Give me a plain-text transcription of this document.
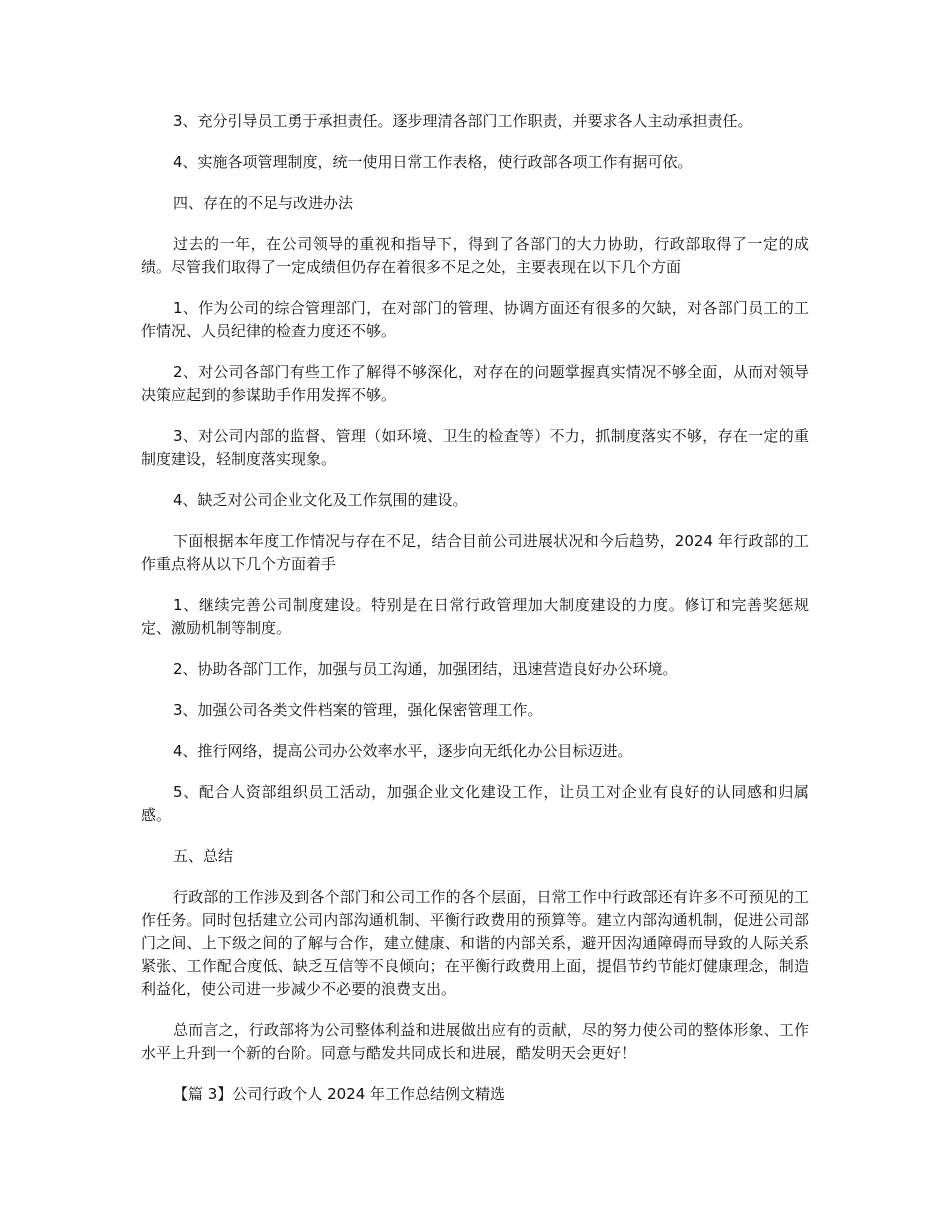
3、充分引导员工勇于承担责任。逐步理清各部门工作职责，并要求各人主动承担责任。

4、实施各项管理制度，统一使用日常工作表格，使行政部各项工作有据可依。

四、存在的不足与改进办法

过去的一年，在公司领导的重视和指导下，得到了各部门的大力协助，行政部取得了一定的成绩。尽管我们取得了一定成绩但仍存在着很多不足之处，主要表现在以下几个方面

1、作为公司的综合管理部门，在对部门的管理、协调方面还有很多的欠缺，对各部门员工的工作情况、人员纪律的检查力度还不够。

2、对公司各部门有些工作了解得不够深化，对存在的问题掌握真实情况不够全面，从而对领导决策应起到的参谋助手作用发挥不够。

3、对公司内部的监督、管理（如环境、卫生的检查等）不力，抓制度落实不够，存在一定的重制度建设，轻制度落实现象。

4、缺乏对公司企业文化及工作氛围的建设。

下面根据本年度工作情况与存在不足，结合目前公司进展状况和今后趋势，2024 年行政部的工作重点将从以下几个方面着手

1、继续完善公司制度建设。特别是在日常行政管理加大制度建设的力度。修订和完善奖惩规定、激励机制等制度。

2、协助各部门工作，加强与员工沟通，加强团结，迅速营造良好办公环境。

3、加强公司各类文件档案的管理，强化保密管理工作。

4、推行网络，提高公司办公效率水平，逐步向无纸化办公目标迈进。

5、配合人资部组织员工活动，加强企业文化建设工作，让员工对企业有良好的认同感和归属感。

五、总结

行政部的工作涉及到各个部门和公司工作的各个层面，日常工作中行政部还有许多不可预见的工作任务。同时包括建立公司内部沟通机制、平衡行政费用的预算等。建立内部沟通机制，促进公司部门之间、上下级之间的了解与合作，建立健康、和谐的内部关系，避开因沟通障碍而导致的人际关系紧张、工作配合度低、缺乏互信等不良倾向；在平衡行政费用上面，提倡节约节能灯健康理念，制造利益化，使公司进一步减少不必要的浪费支出。

总而言之，行政部将为公司整体利益和进展做出应有的贡献，尽的努力使公司的整体形象、工作水平上升到一个新的台阶。同意与酷发共同成长和进展，酷发明天会更好！

【篇 3】公司行政个人 2024 年工作总结例文精选
